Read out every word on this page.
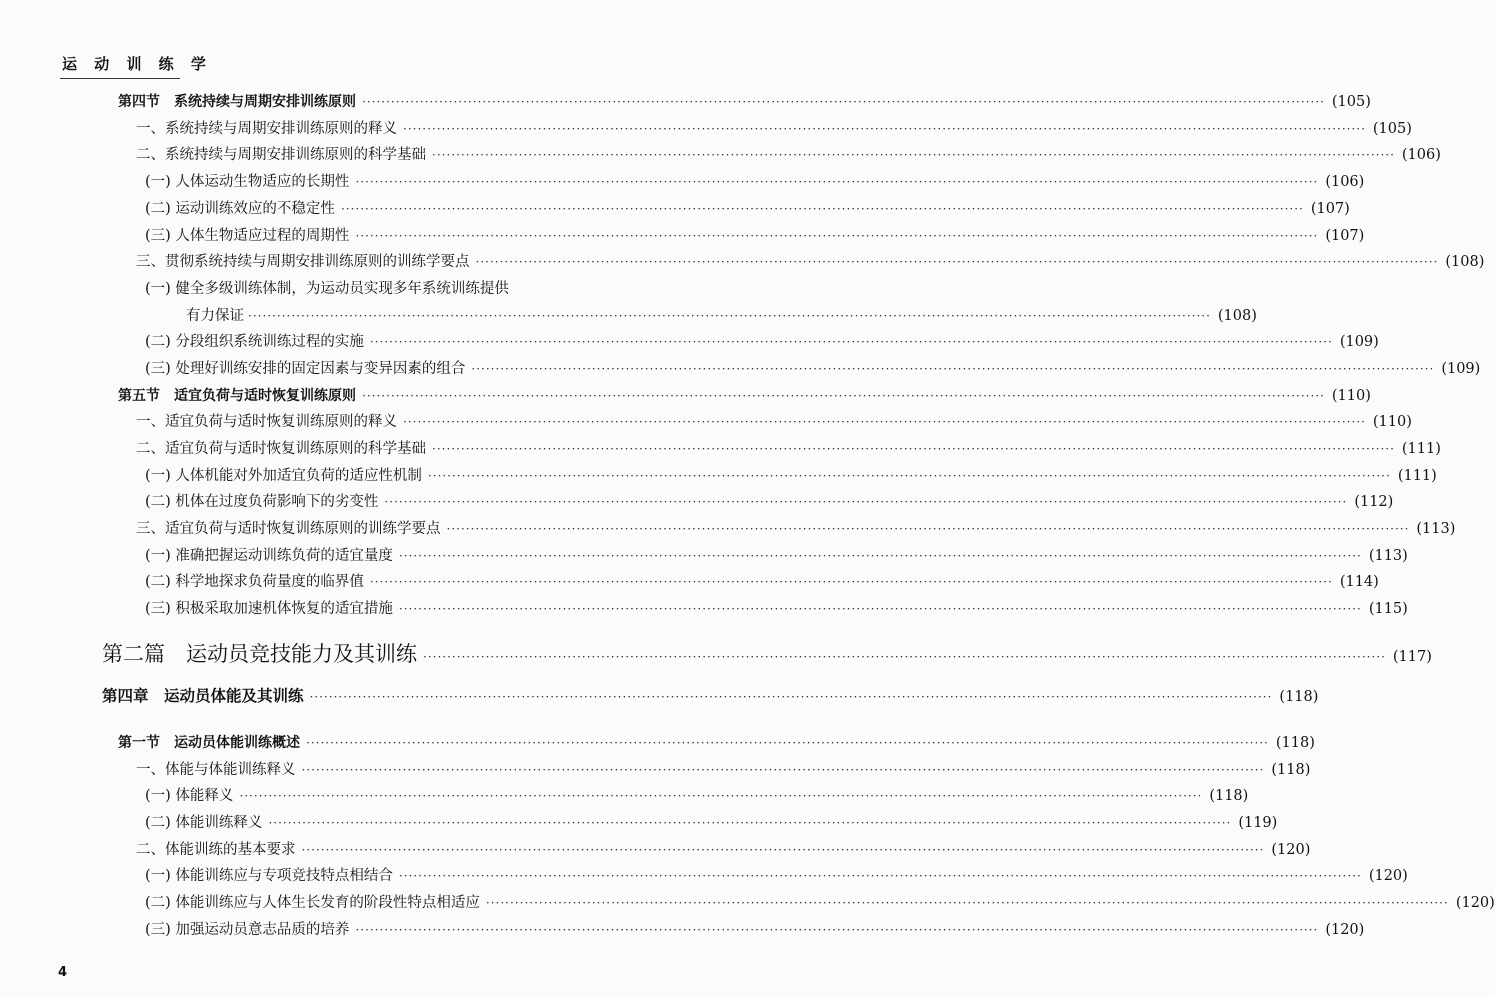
运 动 训 练 学
第四节　系统持续与周期安排训练原则 ········································································································································································································ (105)
一、系统持续与周期安排训练原则的释义 ········································································································································································································ (105)
二、系统持续与周期安排训练原则的科学基础 ········································································································································································································ (106)
(一) 人体运动生物适应的长期性 ········································································································································································································ (106)
(二) 运动训练效应的不稳定性 ········································································································································································································ (107)
(三) 人体生物适应过程的周期性 ········································································································································································································ (107)
三、贯彻系统持续与周期安排训练原则的训练学要点 ········································································································································································································ (108)
(一) 健全多级训练体制，为运动员实现多年系统训练提供
有力保证 ········································································································································································································ (108)
(二) 分段组织系统训练过程的实施 ········································································································································································································ (109)
(三) 处理好训练安排的固定因素与变异因素的组合 ········································································································································································································ (109)
第五节　适宜负荷与适时恢复训练原则 ········································································································································································································ (110)
一、适宜负荷与适时恢复训练原则的释义 ········································································································································································································ (110)
二、适宜负荷与适时恢复训练原则的科学基础 ········································································································································································································ (111)
(一) 人体机能对外加适宜负荷的适应性机制 ········································································································································································································ (111)
(二) 机体在过度负荷影响下的劣变性 ········································································································································································································ (112)
三、适宜负荷与适时恢复训练原则的训练学要点 ········································································································································································································ (113)
(一) 准确把握运动训练负荷的适宜量度 ········································································································································································································ (113)
(二) 科学地探求负荷量度的临界值 ········································································································································································································ (114)
(三) 积极采取加速机体恢复的适宜措施 ········································································································································································································ (115)
第二篇　运动员竞技能力及其训练 ········································································································································································································ (117)
第四章　运动员体能及其训练 ········································································································································································································ (118)
第一节　运动员体能训练概述 ········································································································································································································ (118)
一、体能与体能训练释义 ········································································································································································································ (118)
(一) 体能释义 ········································································································································································································ (118)
(二) 体能训练释义 ········································································································································································································ (119)
二、体能训练的基本要求 ········································································································································································································ (120)
(一) 体能训练应与专项竞技特点相结合 ········································································································································································································ (120)
(二) 体能训练应与人体生长发育的阶段性特点相适应 ········································································································································································································ (120)
(三) 加强运动员意志品质的培养 ········································································································································································································ (120)
4
